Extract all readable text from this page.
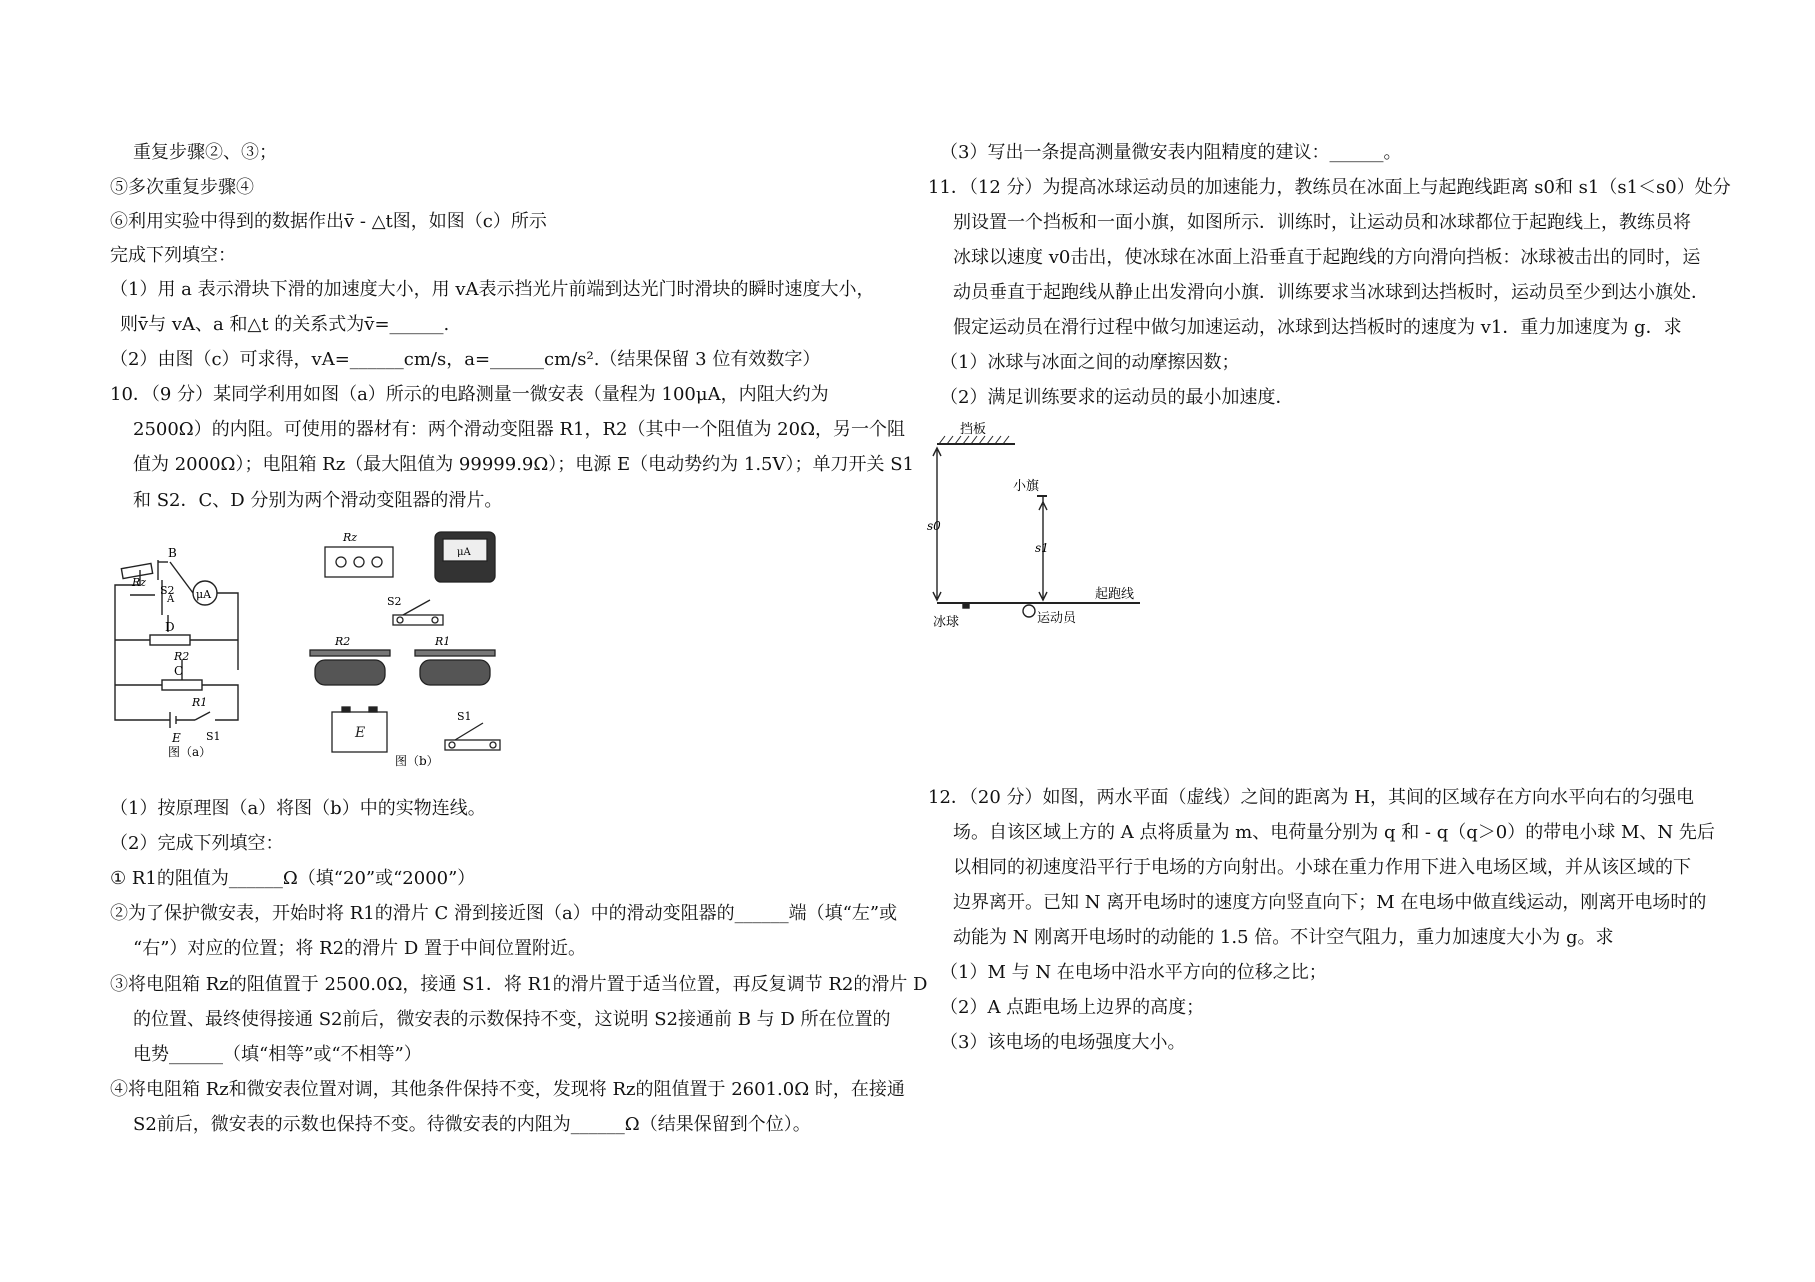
重复步骤②、③；
⑤多次重复步骤④
⑥利用实验中得到的数据作出v̄ - △t图，如图（c）所示
完成下列填空：
（1）用 a 表示滑块下滑的加速度大小，用 vA表示挡光片前端到达光门时滑块的瞬时速度大小，
则v̄与 vA、a 和△t 的关系式为v̄=______.
（2）由图（c）可求得，vA=______cm/s，a=______cm/s².（结果保留 3 位有效数字）
10．（9 分）某同学利用如图（a）所示的电路测量一微安表（量程为 100μA，内阻大约为
2500Ω）的内阻。可使用的器材有：两个滑动变阻器 R1，R2（其中一个阻值为 20Ω，另一个阻
值为 2000Ω）；电阻箱 Rz（最大阻值为 99999.9Ω）；电源 E（电动势约为 1.5V）；单刀开关 S1
和 S2．C、D 分别为两个滑动变阻器的滑片。
B
Rz
S2
A μA
D
R2
C
R1
E S1
图（a）
Rz
μA
S2
R2	R1
E
S1
图（b）
（1）按原理图（a）将图（b）中的实物连线。
（2）完成下列填空：
① R1的阻值为______Ω（填“20”或“2000”）
②为了保护微安表，开始时将 R1的滑片 C 滑到接近图（a）中的滑动变阻器的______端（填“左”或
“右”）对应的位置；将 R2的滑片 D 置于中间位置附近。
③将电阻箱 Rz的阻值置于 2500.0Ω，接通 S1．将 R1的滑片置于适当位置，再反复调节 R2的滑片 D
的位置、最终使得接通 S2前后，微安表的示数保持不变，这说明 S2接通前 B 与 D 所在位置的
电势______（填“相等”或“不相等”）
④将电阻箱 Rz和微安表位置对调，其他条件保持不变，发现将 Rz的阻值置于 2601.0Ω 时，在接通
S2前后，微安表的示数也保持不变。待微安表的内阻为______Ω（结果保留到个位）。
（3）写出一条提高测量微安表内阻精度的建议：______。
11．（12 分）为提高冰球运动员的加速能力，教练员在冰面上与起跑线距离 s0和 s1（s1＜s0）处分
别设置一个挡板和一面小旗，如图所示．训练时，让运动员和冰球都位于起跑线上，教练员将
冰球以速度 v0击出，使冰球在冰面上沿垂直于起跑线的方向滑向挡板：冰球被击出的同时，运
动员垂直于起跑线从静止出发滑向小旗．训练要求当冰球到达挡板时，运动员至少到达小旗处．
假定运动员在滑行过程中做匀加速运动，冰球到达挡板时的速度为 v1．重力加速度为 g．求
（1）冰球与冰面之间的动摩擦因数；
（2）满足训练要求的运动员的最小加速度．
挡板
小旗
s0
s1
起跑线
冰球	运动员
12．（20 分）如图，两水平面（虚线）之间的距离为 H，其间的区域存在方向水平向右的匀强电
场。自该区域上方的 A 点将质量为 m、电荷量分别为 q 和 - q（q＞0）的带电小球 M、N 先后
以相同的初速度沿平行于电场的方向射出。小球在重力作用下进入电场区域，并从该区域的下
边界离开。已知 N 离开电场时的速度方向竖直向下；M 在电场中做直线运动，刚离开电场时的
动能为 N 刚离开电场时的动能的 1.5 倍。不计空气阻力，重力加速度大小为 g。求
（1）M 与 N 在电场中沿水平方向的位移之比；
（2）A 点距电场上边界的高度；
（3）该电场的电场强度大小。
